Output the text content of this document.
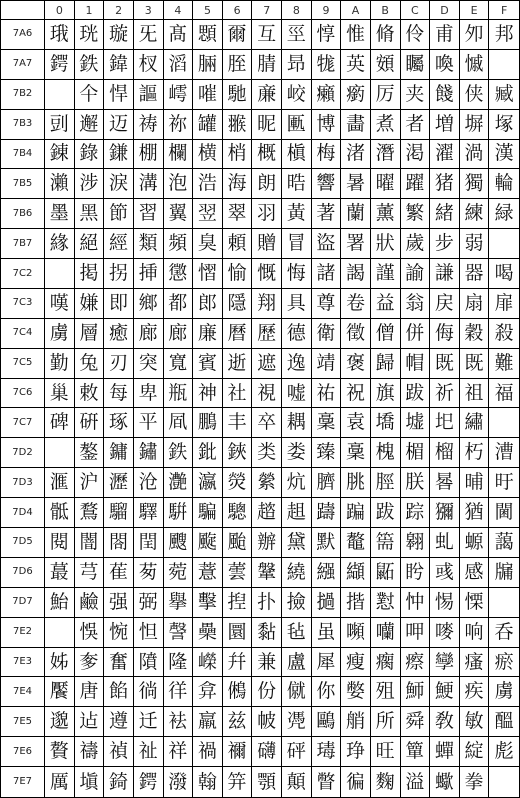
0	1	2	3	4	5	6	7	8	9	A	B	C	D	E	F
7A6 珴 珖 璇 旡 髙 顋 爾 互 巠 惇 惟 脩 伶 甫 夘 邦
7A7 鍔 鉄 鍏 杈 滔 脼 胵 腈 昻 牻 英 頞 矚 喚 慽
7B2	仐 悍 謳 嶀 嗺 馳 亷 峧 癩 瘹 厉 夹 餞 侠 臧
7B3 剅 邂 迈 祷 祢 罐 翭 昵 匭 博 畵 煮 者 増 塀 塚
7B4 錬 錄 鎌 棚 欄 横 梢 概 槇 梅 渚 潛 渇 濯 渦 漢
7B5 瀨 涉 淚 溝 泡 浩 海 朗 晧 響 暑 曜 躍 猪 獨 輪
7B6 墨 黑 節 習 翼 翌 翠 羽 黃 著 蘭 薰 繁 緒 練 緑
7B7 緣 絕 經 類 頻 臭 頼 贈 冒 盜 署 狀 歲 步 弱
7C2	掲 拐 挿 懲 慴 愉 慨 悔 諸 謁 謹 諭 謙 器 喝
7C3 嘆 嫌 即 鄉 都 郎 隱 翔 具 尊 卷 益 翁 戻 扇 扉
7C4 虜 層 癒 廊 廊 廉 曆 歷 德 衛 徵 僧 併 侮 穀 殺
7C5 勤 兔 刃 突 寬 賓 逝 遮 逸 靖 褒 歸 帽 既 既 難
7C6 巢 敕 每 卑 瓶 神 社 視 嘘 祐 祝 旗 跋 祈 祖 福
7C7 碑 硏 琢 平 凮 鵬 丰 卒 耦 稾 袁 墧 墟 圯 繡
7D2	鏊 鏞 鏽 鉄 鈚 鋏 类 娄 臻 稾 槐 楣 榴 朽 漕
7D3 滙 沪 瀝 沧 灔 瀛 熒 縈 炕 臍 朓 脛 朕 晷 晡 旴
7D4 骶 鶩 騮 驛 騈 騙 驄 趦 趄 躊 蹁 跋 踪 獼 猶 閫
7D5 閱 闇 閤 閏 颼 颴 颱 辦 黛 默 鼇 篅 翱 虬 螈 藹
7D6 蕞 芎 萑 茐 菀 薏 蕓 鞶 繞 繦 纈 鼫 盻 彧 感 牖
7D7 鮐 鹼 强 弼 擧 擊 揑 扑 撿 撾 揩 懟 忡 惕 慄
7E2	悞 惋 怛 謦 櫐 圜 黏 毡 虽 嚬 囒 呷 嘜 响 呑
7E3 姊 奓 奮 隫 隆 嶸 幷 兼 盧 犀 瘦 瘸 瘵 孿 瘙 瘀
7E4 饜 唐 餡 徜 徉 弇 鵂 份 僦 你 嫳 殂 魳 鯁 疾 虜
7E5 邈 迠 遵 迁 袪 羸 兹 帔 凴 鷗 艄 所 舜 敎 敏 醞
7E6 贅 禱 禎 祉 祥 禍 禰 礴 砰 瑇 琤 旺 簞 蟬 綻 彪
7E7 厲 塡 錡 鍔 潑 翰 笄 顎 顛 瞥 徧 麴 溢 蠍 拳
